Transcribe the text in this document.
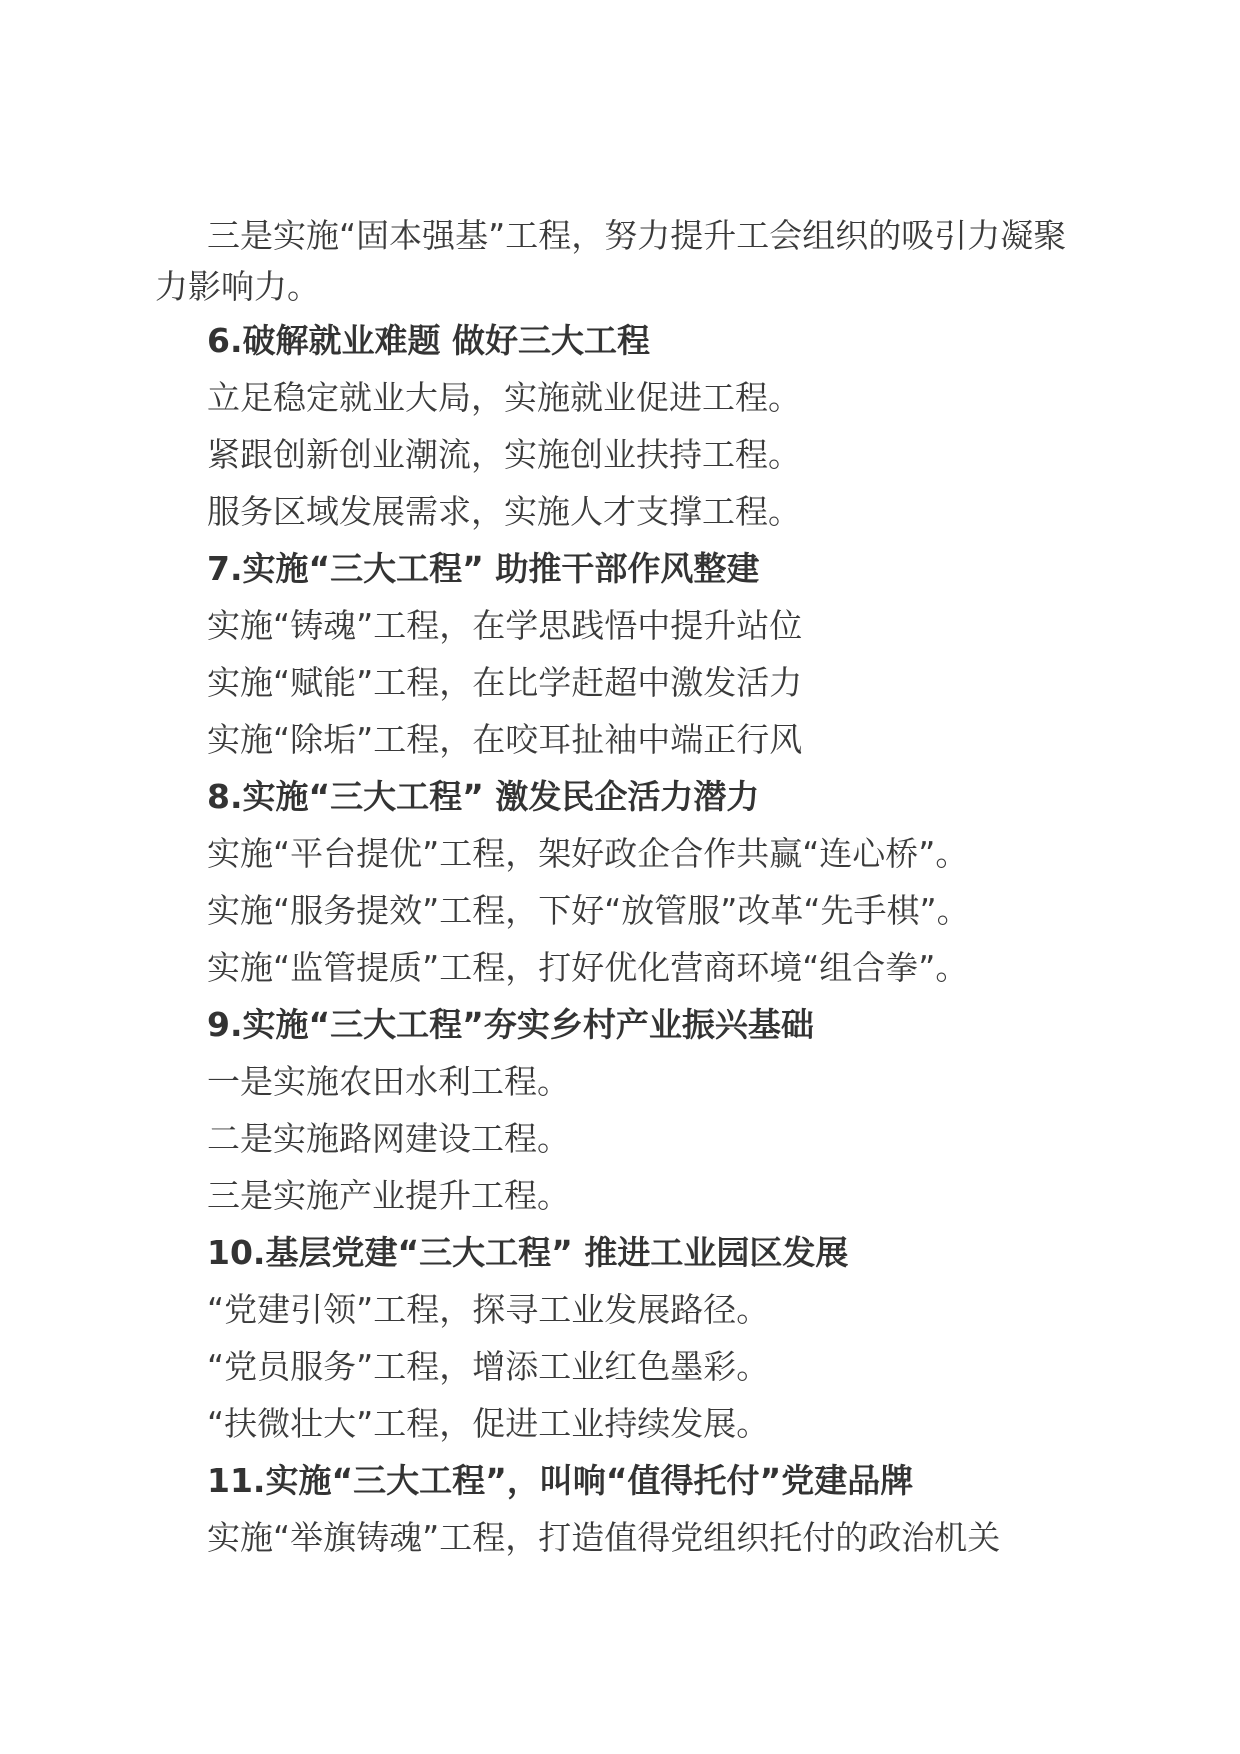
三是实施“固本强基”工程，努力提升工会组织的吸引力凝聚力影响力。

6.破解就业难题 做好三大工程

立足稳定就业大局，实施就业促进工程。

紧跟创新创业潮流，实施创业扶持工程。

服务区域发展需求，实施人才支撑工程。

7.实施“三大工程” 助推干部作风整建

实施“铸魂”工程，在学思践悟中提升站位

实施“赋能”工程，在比学赶超中激发活力

实施“除垢”工程，在咬耳扯袖中端正行风

8.实施“三大工程” 激发民企活力潜力

实施“平台提优”工程，架好政企合作共赢“连心桥”。

实施“服务提效”工程，下好“放管服”改革“先手棋”。

实施“监管提质”工程，打好优化营商环境“组合拳”。

9.实施“三大工程”夯实乡村产业振兴基础

一是实施农田水利工程。

二是实施路网建设工程。

三是实施产业提升工程。

10.基层党建“三大工程” 推进工业园区发展

“党建引领”工程，探寻工业发展路径。

“党员服务”工程，增添工业红色墨彩。

“扶微壮大”工程，促进工业持续发展。

11.实施“三大工程”，叫响“值得托付”党建品牌

实施“举旗铸魂”工程，打造值得党组织托付的政治机关
